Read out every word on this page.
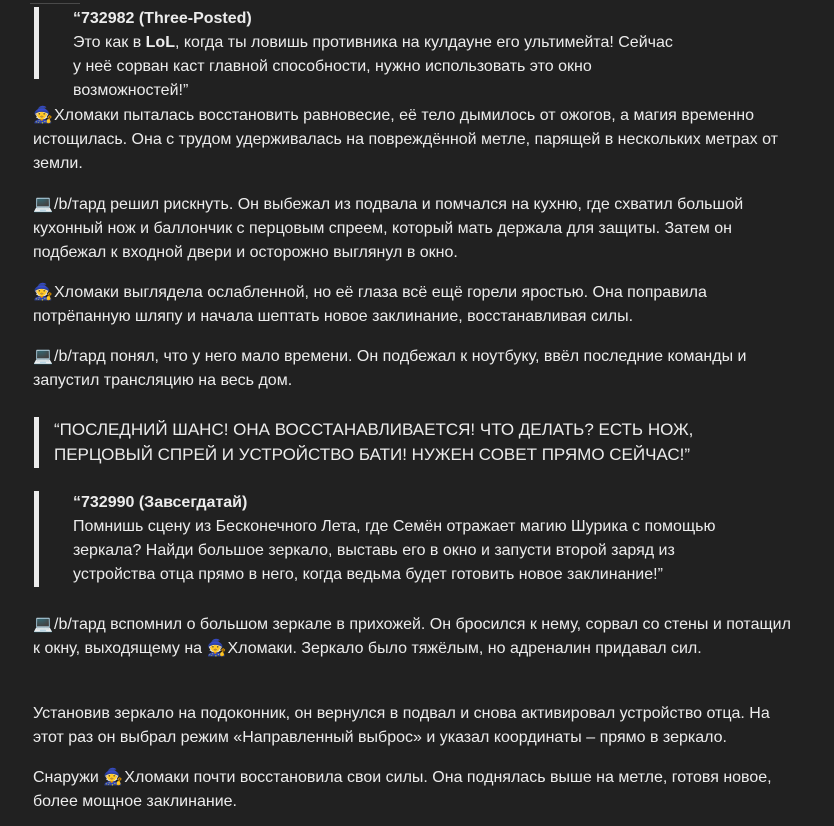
“732982 (Three-Posted)
Это как в LoL, когда ты ловишь противника на кулдауне его ультимейта! Сейчас у неё сорван каст главной способности, нужно использовать это окно возможностей!”

🧙Хломаки пыталась восстановить равновесие, её тело дымилось от ожогов, а магия временно истощилась. Она с трудом удерживалась на повреждённой метле, парящей в нескольких метрах от земли.

💻/b/тард решил рискнуть. Он выбежал из подвала и помчался на кухню, где схватил большой кухонный нож и баллончик с перцовым спреем, который мать держала для защиты. Затем он подбежал к входной двери и осторожно выглянул в окно.

🧙Хломаки выглядела ослабленной, но её глаза всё ещё горели яростью. Она поправила потрёпанную шляпу и начала шептать новое заклинание, восстанавливая силы.

💻/b/тард понял, что у него мало времени. Он подбежал к ноутбуку, ввёл последние команды и запустил трансляцию на весь дом.

“ПОСЛЕДНИЙ ШАНС! ОНА ВОССТАНАВЛИВАЕТСЯ! ЧТО ДЕЛАТЬ? ЕСТЬ НОЖ, ПЕРЦОВЫЙ СПРЕЙ И УСТРОЙСТВО БАТИ! НУЖЕН СОВЕТ ПРЯМО СЕЙЧАС!”
“732990 (Завсегдатай)
Помнишь сцену из Бесконечного Лета, где Семён отражает магию Шурика с помощью зеркала? Найди большое зеркало, выставь его в окно и запусти второй заряд из устройства отца прямо в него, когда ведьма будет готовить новое заклинание!”

💻/b/тард вспомнил о большом зеркале в прихожей. Он бросился к нему, сорвал со стены и потащил к окну, выходящему на 🧙Хломаки. Зеркало было тяжёлым, но адреналин придавал сил.

Установив зеркало на подоконник, он вернулся в подвал и снова активировал устройство отца. На этот раз он выбрал режим «Направленный выброс» и указал координаты – прямо в зеркало.

Снаружи 🧙Хломаки почти восстановила свои силы. Она поднялась выше на метле, готовя новое, более мощное заклинание.
